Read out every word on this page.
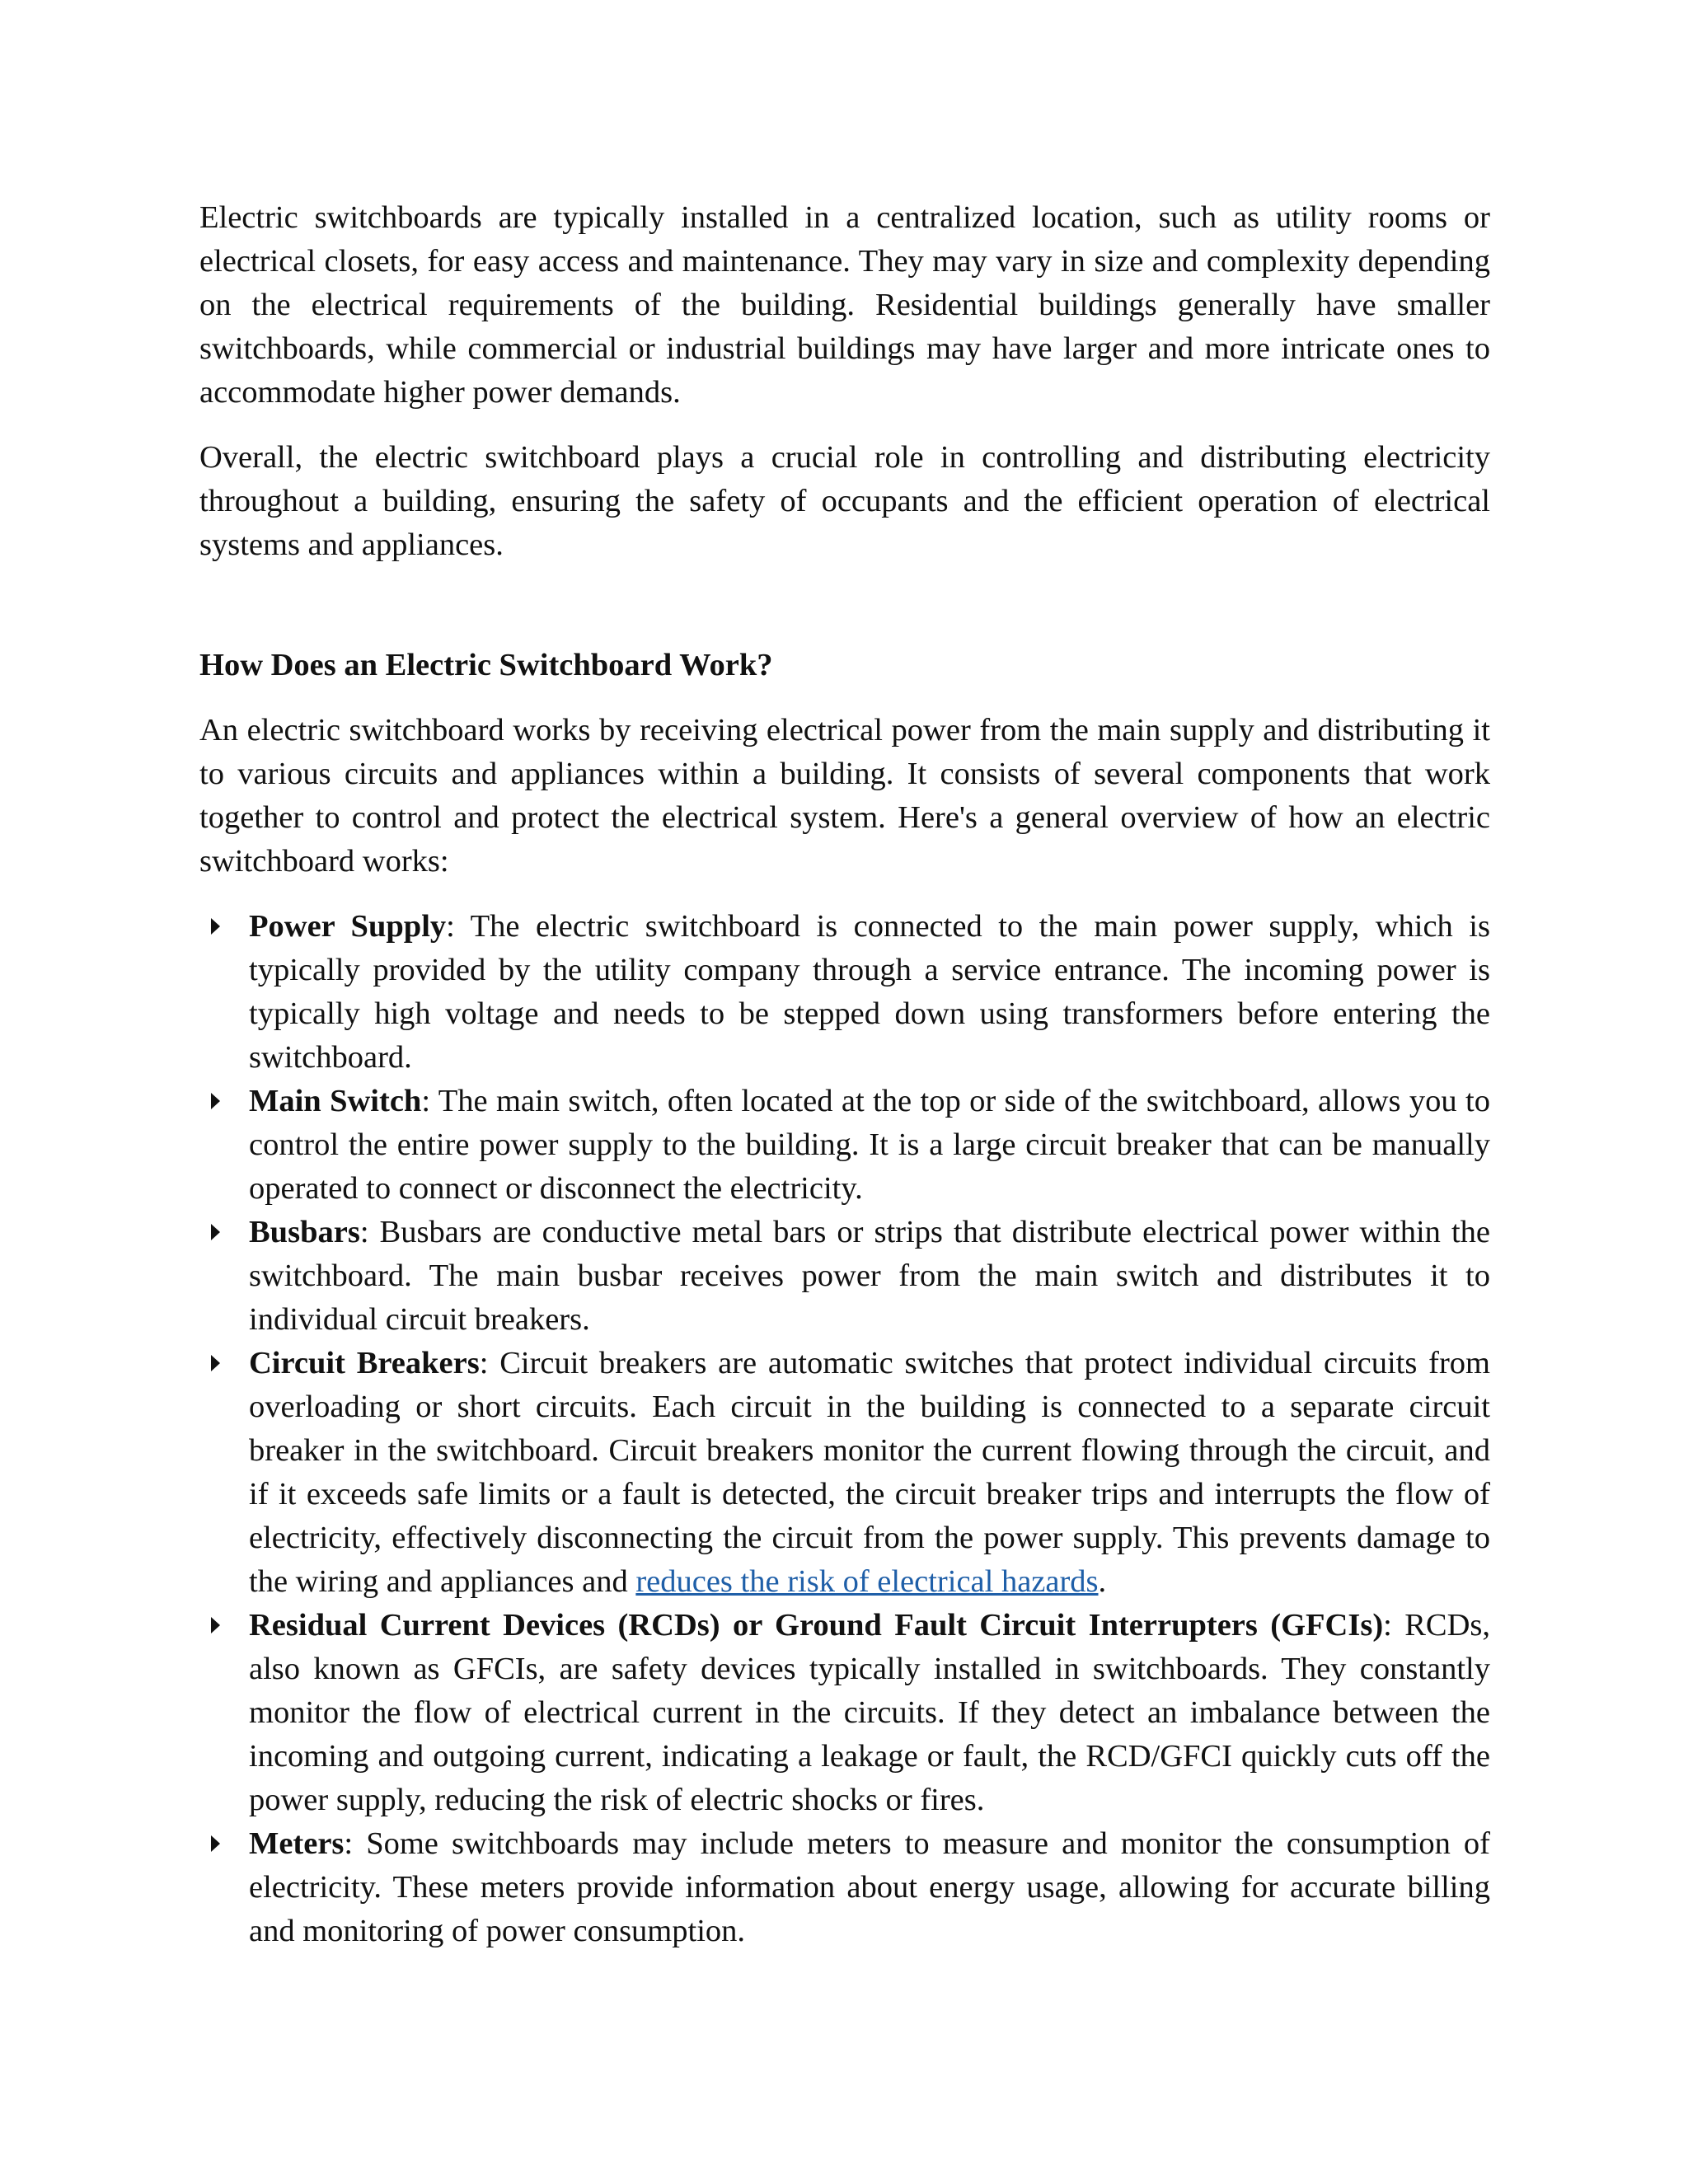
Electric switchboards are typically installed in a centralized location, such as utility rooms or electrical closets, for easy access and maintenance. They may vary in size and complexity depending on the electrical requirements of the building. Residential buildings generally have smaller switchboards, while commercial or industrial buildings may have larger and more intricate ones to accommodate higher power demands.

Overall, the electric switchboard plays a crucial role in controlling and distributing electricity throughout a building, ensuring the safety of occupants and the efficient operation of electrical systems and appliances.

How Does an Electric Switchboard Work?

An electric switchboard works by receiving electrical power from the main supply and distributing it to various circuits and appliances within a building. It consists of several components that work together to control and protect the electrical system. Here's a general overview of how an electric switchboard works:

Power Supply: The electric switchboard is connected to the main power supply, which is typically provided by the utility company through a service entrance. The incoming power is typically high voltage and needs to be stepped down using transformers before entering the switchboard.
Main Switch: The main switch, often located at the top or side of the switchboard, allows you to control the entire power supply to the building. It is a large circuit breaker that can be manually operated to connect or disconnect the electricity.
Busbars: Busbars are conductive metal bars or strips that distribute electrical power within the switchboard. The main busbar receives power from the main switch and distributes it to individual circuit breakers.
Circuit Breakers: Circuit breakers are automatic switches that protect individual circuits from overloading or short circuits. Each circuit in the building is connected to a separate circuit breaker in the switchboard. Circuit breakers monitor the current flowing through the circuit, and if it exceeds safe limits or a fault is detected, the circuit breaker trips and interrupts the flow of electricity, effectively disconnecting the circuit from the power supply. This prevents damage to the wiring and appliances and reduces the risk of electrical hazards.
Residual Current Devices (RCDs) or Ground Fault Circuit Interrupters (GFCIs): RCDs, also known as GFCIs, are safety devices typically installed in switchboards. They constantly monitor the flow of electrical current in the circuits. If they detect an imbalance between the incoming and outgoing current, indicating a leakage or fault, the RCD/GFCI quickly cuts off the power supply, reducing the risk of electric shocks or fires.
Meters: Some switchboards may include meters to measure and monitor the consumption of electricity. These meters provide information about energy usage, allowing for accurate billing and monitoring of power consumption.
